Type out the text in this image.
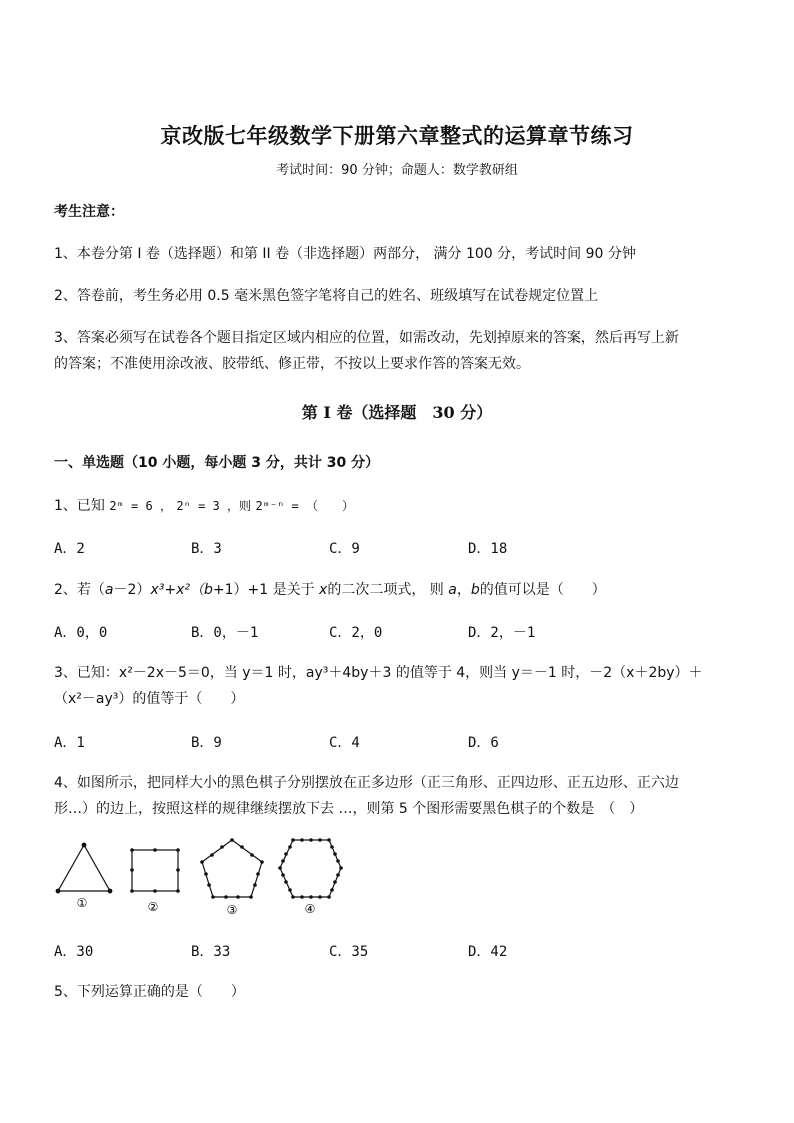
京改版七年级数学下册第六章整式的运算章节练习
考试时间：90 分钟；命题人：数学教研组
考生注意：
1、本卷分第 I 卷（选择题）和第 II 卷（非选择题）两部分， 满分 100 分，考试时间 90 分钟
2、答卷前，考生务必用 0.5 毫米黑色签字笔将自己的姓名、班级填写在试卷规定位置上
3、答案必须写在试卷各个题目指定区域内相应的位置，如需改动，先划掉原来的答案，然后再写上新
的答案；不准使用涂改液、胶带纸、修正带，不按以上要求作答的答案无效。
第 I 卷（选择题　30 分）
一、单选题（10 小题，每小题 3 分，共计 30 分）
1、已知 2ᵐ = 6 ， 2ⁿ = 3 ，则 2ᵐ⁻ⁿ = （　　）
A．2	B．3	C．9	D．18
2、若（a－2）x³+x²（b+1）+1 是关于 x的二次二项式， 则 a，b的值可以是（　　）
A．0，0	B．0，－1	C．2，0	D．2，－1
3、已知：x²－2x－5＝0，当 y＝1 时，ay³＋4by＋3 的值等于 4，则当 y＝－1 时，－2（x＋2by）＋
（x²－ay³）的值等于（　　）
A．1	B．9	C．4	D．6
4、如图所示，把同样大小的黑色棋子分别摆放在正多边形（正三角形、正四边形、正五边形、正六边
形…）的边上，按照这样的规律继续摆放下去 …，则第 5 个图形需要黑色棋子的个数是　（　）
①	②	③	④
A．30	B．33	C．35	D．42
5、下列运算正确的是（　　）
